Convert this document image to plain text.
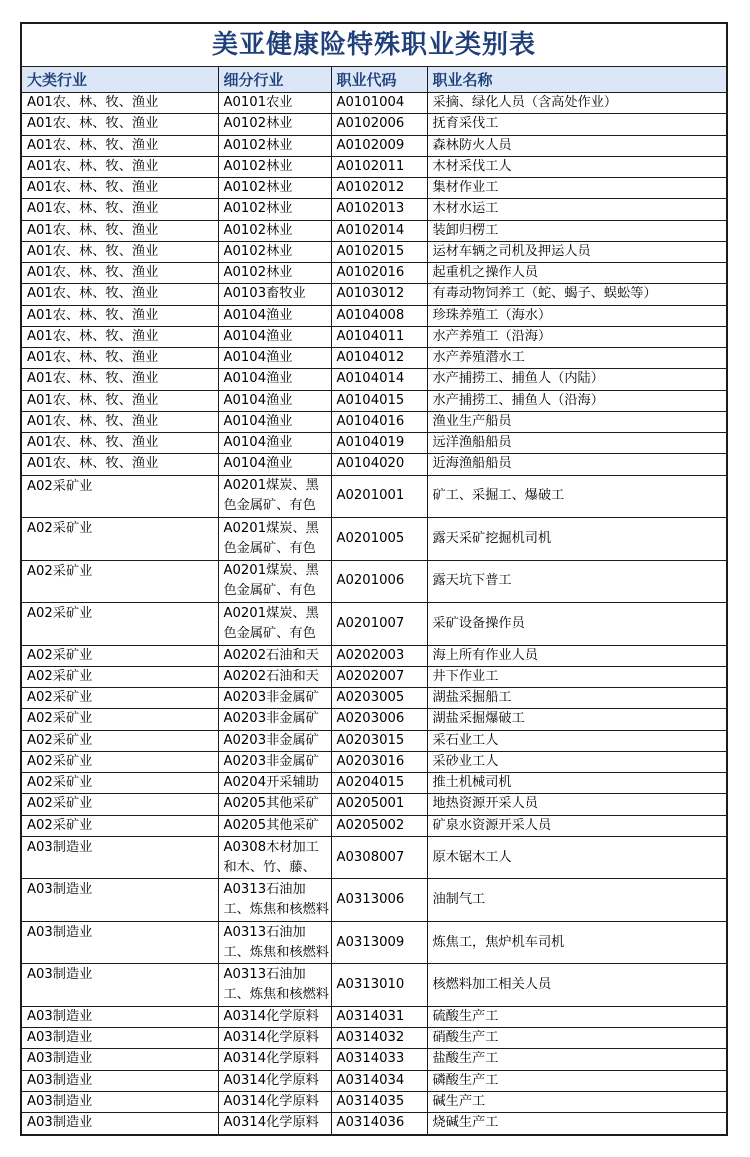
美亚健康险特殊职业类别表
大类行业	细分行业	职业代码	职业名称
A01农、林、牧、渔业	A0101农业	A0101004	采摘、绿化人员（含高处作业）
A01农、林、牧、渔业	A0102林业	A0102006	抚育采伐工
A01农、林、牧、渔业	A0102林业	A0102009	森林防火人员
A01农、林、牧、渔业	A0102林业	A0102011	木材采伐工人
A01农、林、牧、渔业	A0102林业	A0102012	集材作业工
A01农、林、牧、渔业	A0102林业	A0102013	木材水运工
A01农、林、牧、渔业	A0102林业	A0102014	装卸归楞工
A01农、林、牧、渔业	A0102林业	A0102015	运材车辆之司机及押运人员
A01农、林、牧、渔业	A0102林业	A0102016	起重机之操作人员
A01农、林、牧、渔业	A0103畜牧业	A0103012	有毒动物饲养工（蛇、蝎子、蜈蚣等）
A01农、林、牧、渔业	A0104渔业	A0104008	珍珠养殖工（海水）
A01农、林、牧、渔业	A0104渔业	A0104011	水产养殖工（沿海）
A01农、林、牧、渔业	A0104渔业	A0104012	水产养殖潜水工
A01农、林、牧、渔业	A0104渔业	A0104014	水产捕捞工、捕鱼人（内陆）
A01农、林、牧、渔业	A0104渔业	A0104015	水产捕捞工、捕鱼人（沿海）
A01农、林、牧、渔业	A0104渔业	A0104016	渔业生产船员
A01农、林、牧、渔业	A0104渔业	A0104019	远洋渔船船员
A01农、林、牧、渔业	A0104渔业	A0104020	近海渔船船员
A02采矿业	A0201煤炭、黑色金属矿、有色	A0201001	矿工、采掘工、爆破工
A02采矿业	A0201煤炭、黑色金属矿、有色	A0201005	露天采矿挖掘机司机
A02采矿业	A0201煤炭、黑色金属矿、有色	A0201006	露天坑下普工
A02采矿业	A0201煤炭、黑色金属矿、有色	A0201007	采矿设备操作员
A02采矿业	A0202石油和天	A0202003	海上所有作业人员
A02采矿业	A0202石油和天	A0202007	井下作业工
A02采矿业	A0203非金属矿	A0203005	湖盐采掘船工
A02采矿业	A0203非金属矿	A0203006	湖盐采掘爆破工
A02采矿业	A0203非金属矿	A0203015	采石业工人
A02采矿业	A0203非金属矿	A0203016	采砂业工人
A02采矿业	A0204开采辅助	A0204015	推土机械司机
A02采矿业	A0205其他采矿	A0205001	地热资源开采人员
A02采矿业	A0205其他采矿	A0205002	矿泉水资源开采人员
A03制造业	A0308木材加工和木、竹、藤、	A0308007	原木锯木工人
A03制造业	A0313石油加工、炼焦和核燃料	A0313006	油制气工
A03制造业	A0313石油加工、炼焦和核燃料	A0313009	炼焦工，焦炉机车司机
A03制造业	A0313石油加工、炼焦和核燃料	A0313010	核燃料加工相关人员
A03制造业	A0314化学原料	A0314031	硫酸生产工
A03制造业	A0314化学原料	A0314032	硝酸生产工
A03制造业	A0314化学原料	A0314033	盐酸生产工
A03制造业	A0314化学原料	A0314034	磷酸生产工
A03制造业	A0314化学原料	A0314035	碱生产工
A03制造业	A0314化学原料	A0314036	烧碱生产工
